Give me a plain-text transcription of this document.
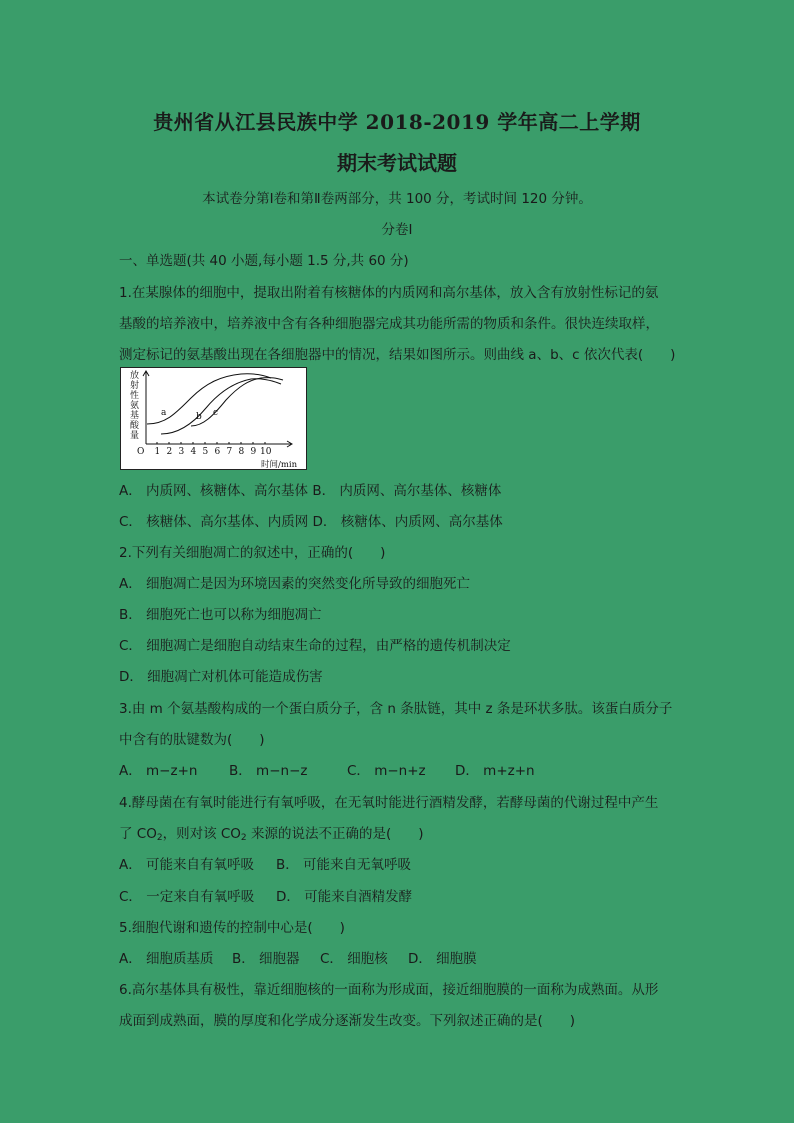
贵州省从江县民族中学 2018-2019 学年高二上学期
期末考试试题
本试卷分第Ⅰ卷和第Ⅱ卷两部分，共 100 分，考试时间 120 分钟。
分卷Ⅰ
一、单选题(共 40 小题,每小题 1.5 分,共 60 分)
1.在某腺体的细胞中，提取出附着有核糖体的内质网和高尔基体，放入含有放射性标记的氨
基酸的培养液中，培养液中含有各种细胞器完成其功能所需的物质和条件。很快连续取样，
测定标记的氨基酸出现在各细胞器中的情况，结果如图所示。则曲线 a、b、c 依次代表(　　)
放
射
性
氨
基
酸
量
O 1 2 3 4 5 6 7 8 9 10
时间/min
a	b c
A． 内质网、核糖体、高尔基体 B． 内质网、高尔基体、核糖体
C． 核糖体、高尔基体、内质网 D． 核糖体、内质网、高尔基体
2.下列有关细胞凋亡的叙述中，正确的(　　)
A． 细胞凋亡是因为环境因素的突然变化所导致的细胞死亡
B． 细胞死亡也可以称为细胞凋亡
C． 细胞凋亡是细胞自动结束生命的过程，由严格的遗传机制决定
D． 细胞凋亡对机体可能造成伤害
3.由 m 个氨基酸构成的一个蛋白质分子，含 n 条肽链，其中 z 条是环状多肽。该蛋白质分子
中含有的肽键数为(　　)
A． m−z+n B． m−n−z	C． m−n+z D． m+z+n
4.酵母菌在有氧时能进行有氧呼吸，在无氧时能进行酒精发酵，若酵母菌的代谢过程中产生
了 $CO_2$，则对该 $CO_2$ 来源的说法不正确的是(　　)
A． 可能来自有氧呼吸 B． 可能来自无氧呼吸
C． 一定来自有氧呼吸 D． 可能来自酒精发酵
5.细胞代谢和遗传的控制中心是(　　)
A． 细胞质基质 B． 细胞器 C． 细胞核 D． 细胞膜
6.高尔基体具有极性，靠近细胞核的一面称为形成面，接近细胞膜的一面称为成熟面。从形
成面到成熟面，膜的厚度和化学成分逐渐发生改变。下列叙述正确的是(　　)
